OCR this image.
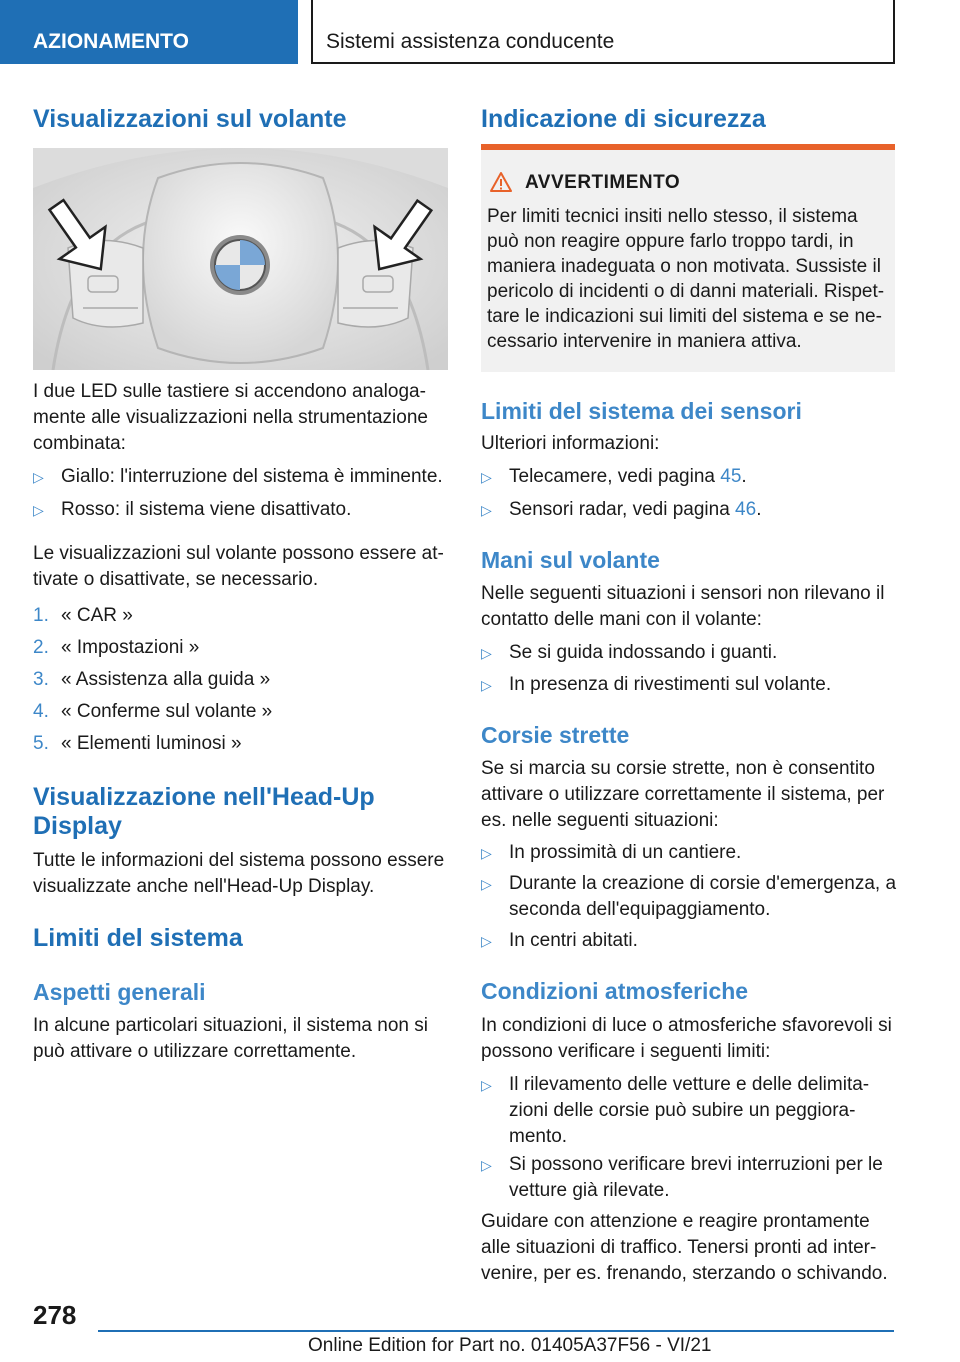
AZIONAMENTO	Sistemi assistenza conducente
Visualizzazioni sul volante

I due LED sulle tastiere si accendono analoga-

mente alle visualizzazioni nella strumentazione

combinata:

▷ Giallo: l'interruzione del sistema è imminente.
▷ Rosso: il sistema viene disattivato.

Le visualizzazioni sul volante possono essere at-

tivate o disattivate, se necessario.

1. « CAR »
2. « Impostazioni »
3. « Assistenza alla guida »
4. « Conferme sul volante »
5. « Elementi luminosi »
Visualizzazione nell'Head-Up
Display

Tutte le informazioni del sistema possono essere

visualizzate anche nell'Head-Up Display.

Limiti del sistema
Aspetti generali

In alcune particolari situazioni, il sistema non si

può attivare o utilizzare correttamente.

Indicazione di sicurezza
AVVERTIMENTO
Per limiti tecnici insiti nello stesso, il sistema
può non reagire oppure farlo troppo tardi, in
maniera inadeguata o non motivata. Sussiste il
pericolo di incidenti o di danni materiali. Rispet-
tare le indicazioni sui limiti del sistema e se ne-
cessario intervenire in maniera attiva.
Limiti del sistema dei sensori

Ulteriori informazioni:

▷ Telecamere, vedi pagina 45.
▷ Sensori radar, vedi pagina 46.
Mani sul volante

Nelle seguenti situazioni i sensori non rilevano il

contatto delle mani con il volante:

▷ Se si guida indossando i guanti.
▷ In presenza di rivestimenti sul volante.
Corsie strette

Se si marcia su corsie strette, non è consentito

attivare o utilizzare correttamente il sistema, per

es. nelle seguenti situazioni:

▷ In prossimità di un cantiere.
▷ Durante la creazione di corsie d'emergenza, a
seconda dell'equipaggiamento.
▷ In centri abitati.
Condizioni atmosferiche

In condizioni di luce o atmosferiche sfavorevoli si

possono verificare i seguenti limiti:

▷ Il rilevamento delle vetture e delle delimita-
zioni delle corsie può subire un peggiora-
mento.
▷ Si possono verificare brevi interruzioni per le
vetture già rilevate.

Guidare con attenzione e reagire prontamente

alle situazioni di traffico. Tenersi pronti ad inter-

venire, per es. frenando, sterzando o schivando.

278
Online Edition for Part no. 01405A37F56 - VI/21
